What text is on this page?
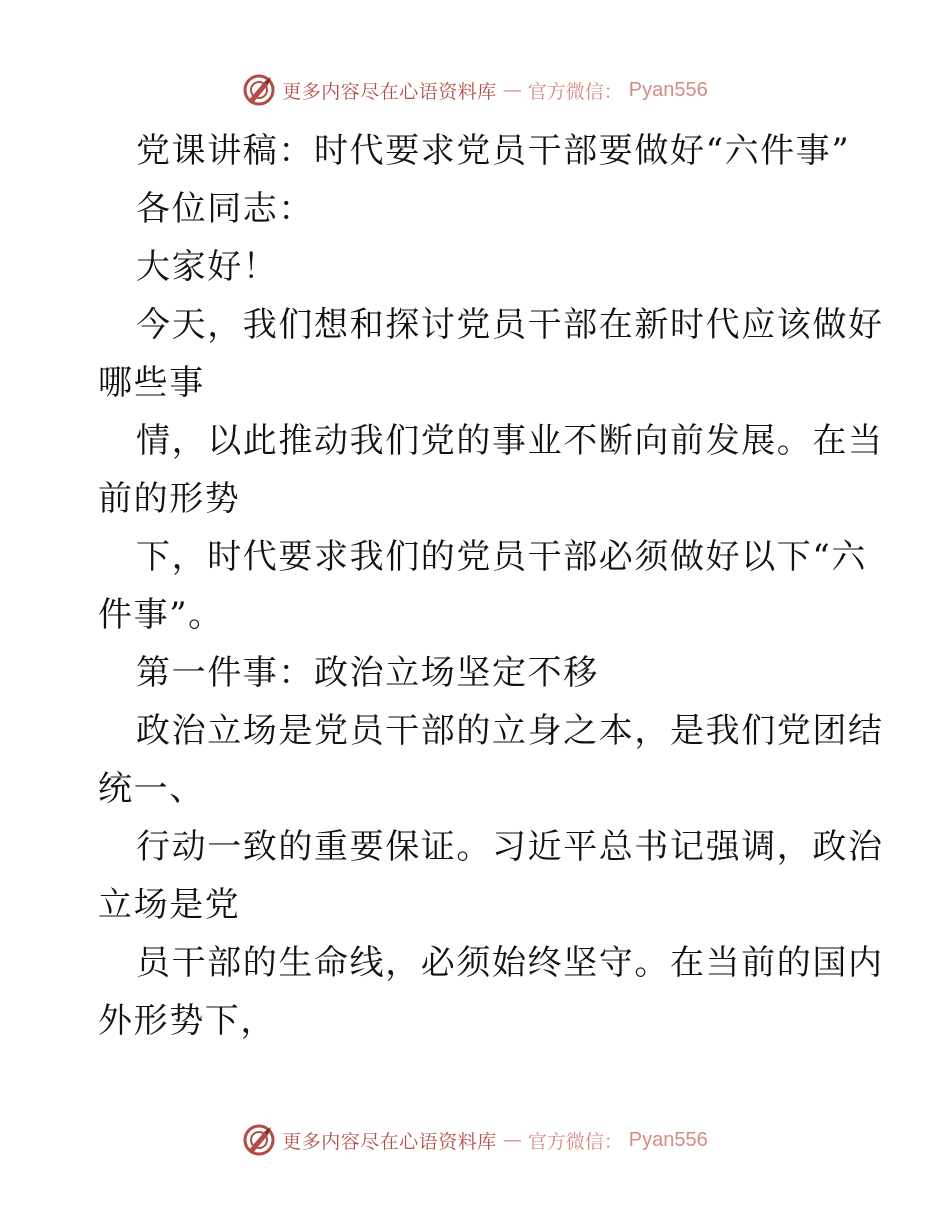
更多内容尽在心语资料库 — 官方微信： Pyan556
党课讲稿：时代要求党员干部要做好“六件事”
各位同志：
大家好！
今天，我们想和探讨党员干部在新时代应该做好
哪些事
情，以此推动我们党的事业不断向前发展。在当
前的形势
下，时代要求我们的党员干部必须做好以下“六
件事”。
第一件事：政治立场坚定不移
政治立场是党员干部的立身之本，是我们党团结
统一、
行动一致的重要保证。习近平总书记强调，政治
立场是党
员干部的生命线，必须始终坚守。在当前的国内
外形势下，
更多内容尽在心语资料库 — 官方微信： Pyan556
